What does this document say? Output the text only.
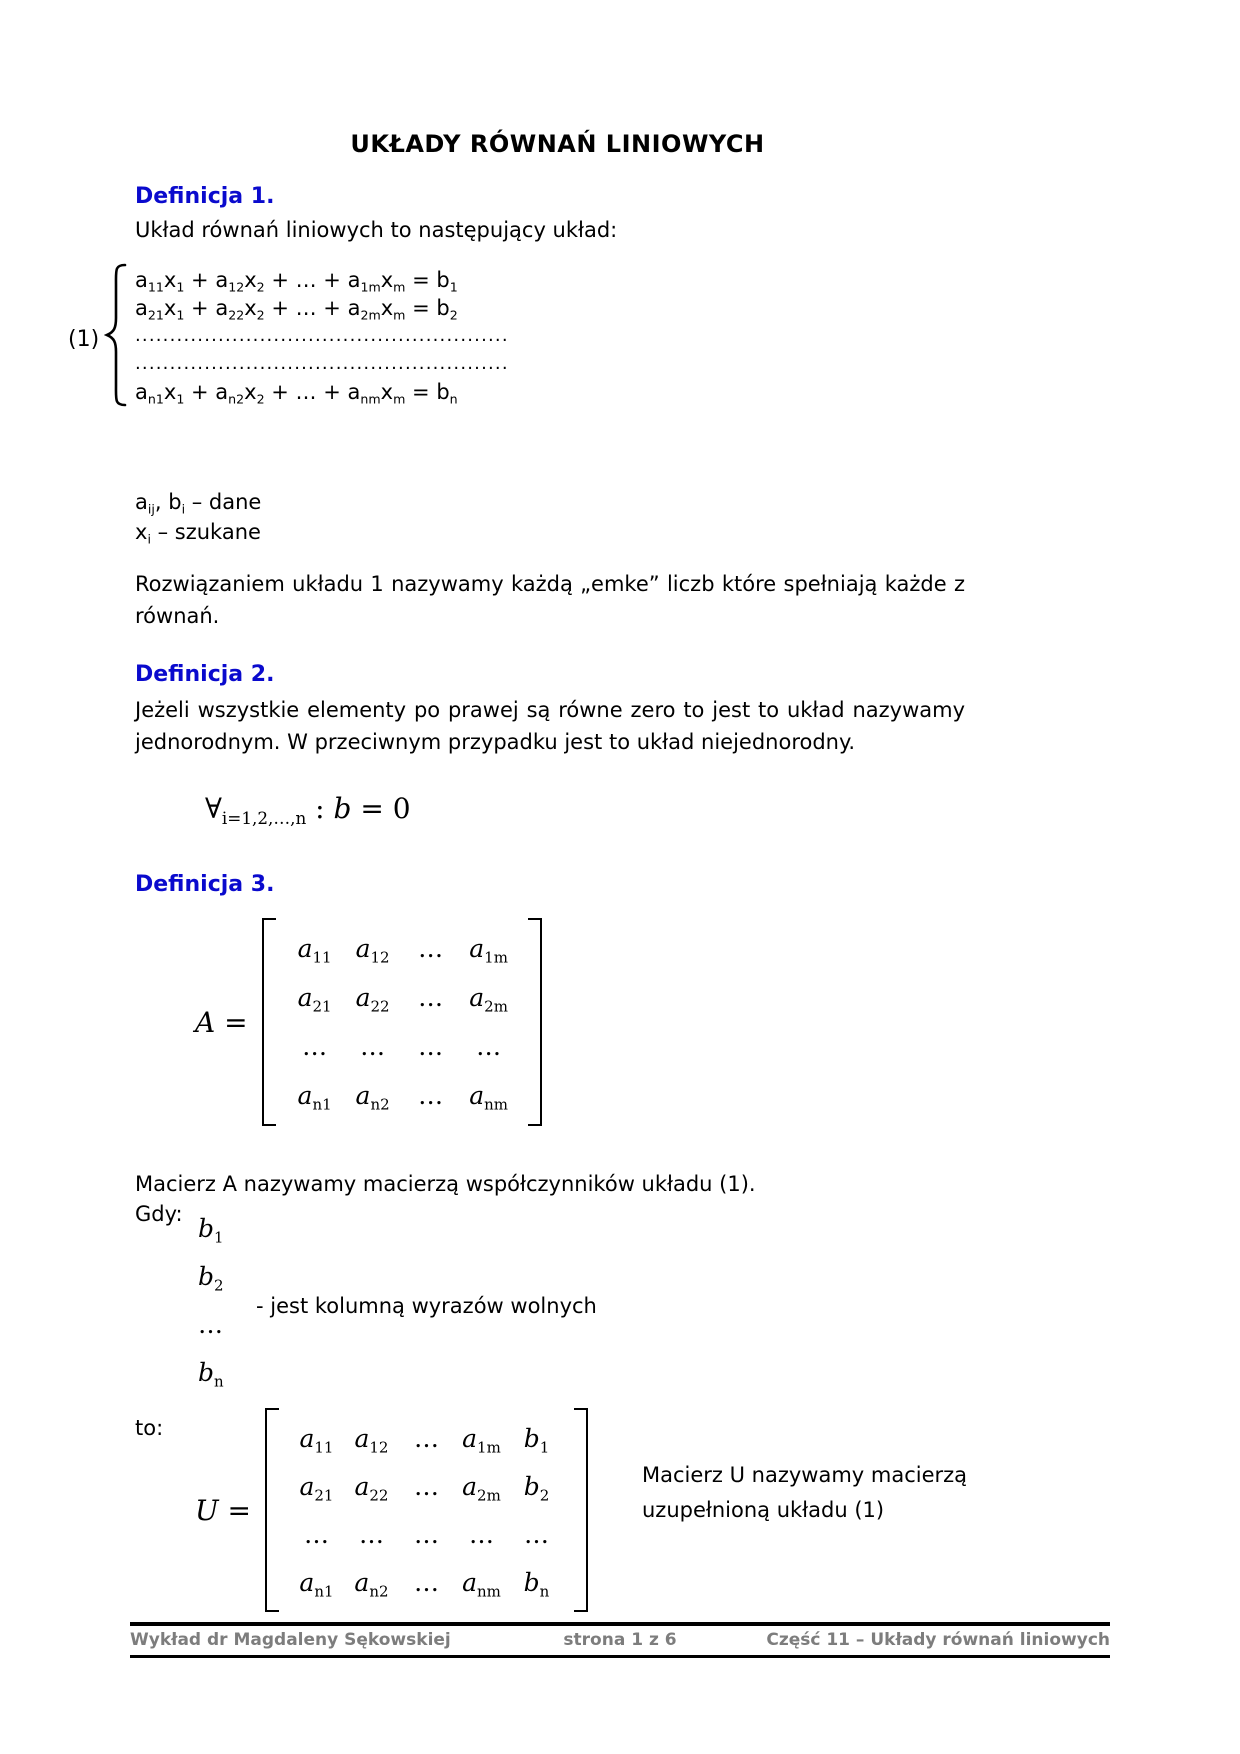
UKŁADY RÓWNAŃ LINIOWYCH
Definicja 1.
Układ równań liniowych to następujący układ:
(1)
$a_{11}x_1 + a_{12}x_2$ + … + $a_{1m}x_m = b_1$
$a_{21}x_1 + a_{22}x_2$ + … + $a_{2m}x_m = b_2$
......................................................
......................................................
$a_{n1}x_1 + a_{n2}x_2$ + … + $a_{nm}x_m = b_n$
$a_{ij}$, $b_i$ – dane
$x_i$ – szukane
Rozwiązaniem układu 1 nazywamy każdą „emke” liczb które spełniają każde z równań.
Definicja 2.
Jeżeli wszystkie elementy po prawej są równe zero to jest to układ nazywamy jednorodnym. W przeciwnym przypadku jest to układ niejednorodny.
$\forall_{i=1,2,\dots,n}$ : b = 0
Definicja 3.
A =
$a_{11}$ $a_{12}$ … $a_{1m}$
$a_{21}$ $a_{22}$ … $a_{2m}$
… … … …
$a_{n1}$ $a_{n2}$ … $a_{nm}$
Macierz A nazywamy macierzą współczynników układu (1).
Gdy: $b_1$
$b_2$
…
$b_n$
- jest kolumną wyrazów wolnych
to:
U =
$a_{11}$ $a_{12}$ … $a_{1m}$ $b_1$
$a_{21}$ $a_{22}$ … $a_{2m}$ $b_2$
… … … … …
$a_{n1}$ $a_{n2}$ … $a_{nm}$ $b_n$
Macierz U nazywamy macierzą uzupełnioną układu (1)
Wykład dr Magdaleny Sękowskiej	strona 1 z 6	Część 11 – Układy równań liniowych
